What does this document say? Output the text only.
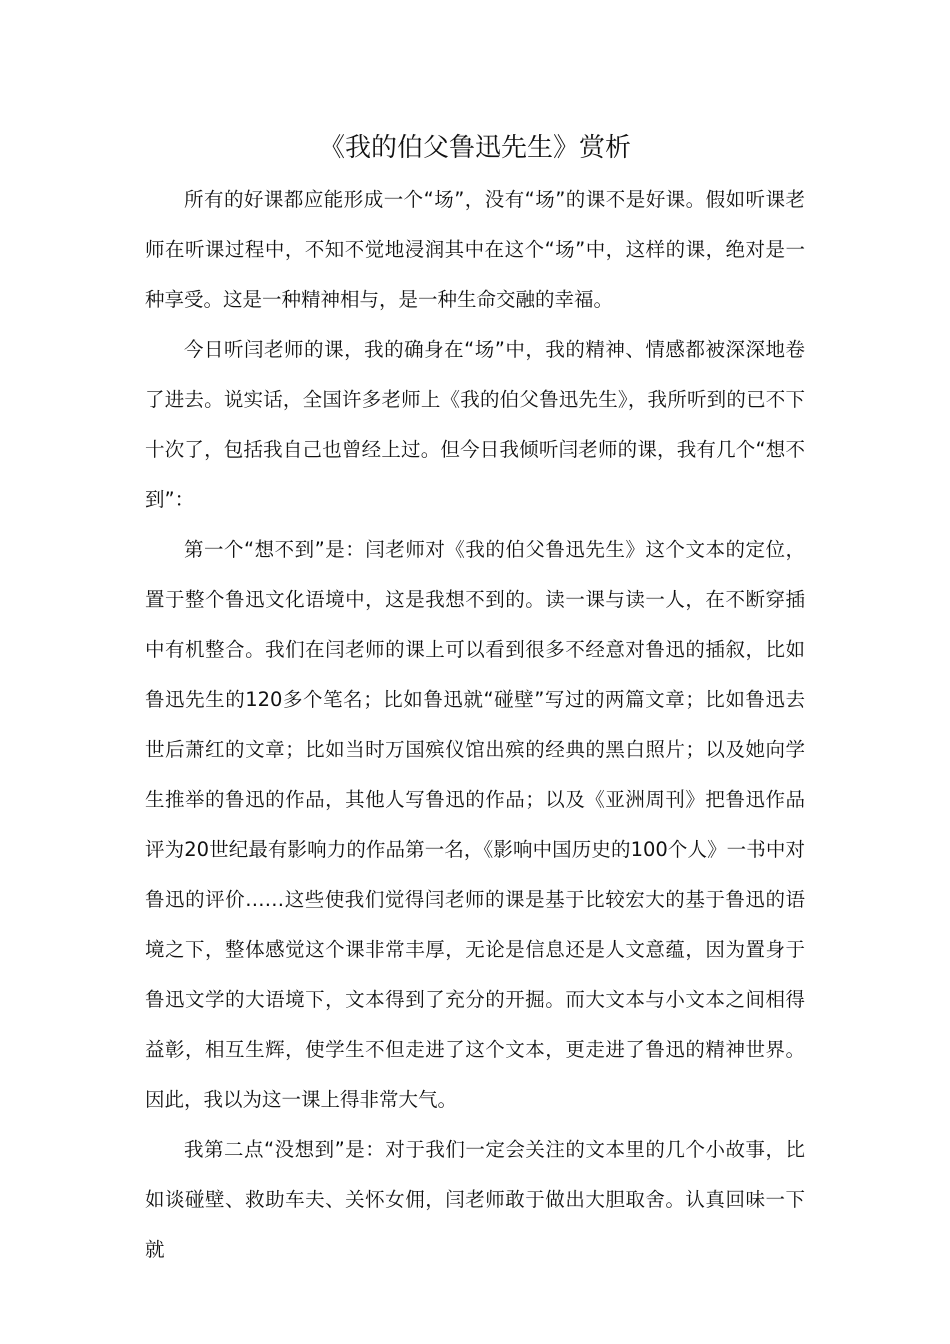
《我的伯父鲁迅先生》赏析

所有的好课都应能形成一个“场”，没有“场”的课不是好课。假如听课老师在听课过程中，不知不觉地浸润其中在这个“场”中，这样的课，绝对是一种享受。这是一种精神相与，是一种生命交融的幸福。

今日听闫老师的课，我的确身在“场”中，我的精神、情感都被深深地卷了进去。说实话，全国许多老师上《我的伯父鲁迅先生》，我所听到的已不下十次了，包括我自己也曾经上过。但今日我倾听闫老师的课，我有几个“想不到”：

第一个“想不到”是：闫老师对《我的伯父鲁迅先生》这个文本的定位，置于整个鲁迅文化语境中，这是我想不到的。读一课与读一人，在不断穿插中有机整合。我们在闫老师的课上可以看到很多不经意对鲁迅的插叙，比如鲁迅先生的120多个笔名；比如鲁迅就“碰壁”写过的两篇文章；比如鲁迅去世后萧红的文章；比如当时万国殡仪馆出殡的经典的黑白照片；以及她向学生推举的鲁迅的作品，其他人写鲁迅的作品；以及《亚洲周刊》把鲁迅作品评为20世纪最有影响力的作品第一名，《影响中国历史的100个人》一书中对鲁迅的评价……这些使我们觉得闫老师的课是基于比较宏大的基于鲁迅的语境之下，整体感觉这个课非常丰厚，无论是信息还是人文意蕴，因为置身于鲁迅文学的大语境下，文本得到了充分的开掘。而大文本与小文本之间相得益彰，相互生辉，使学生不但走进了这个文本，更走进了鲁迅的精神世界。因此，我以为这一课上得非常大气。

我第二点“没想到”是：对于我们一定会关注的文本里的几个小故事，比如谈碰壁、救助车夫、关怀女佣，闫老师敢于做出大胆取舍。认真回味一下就
